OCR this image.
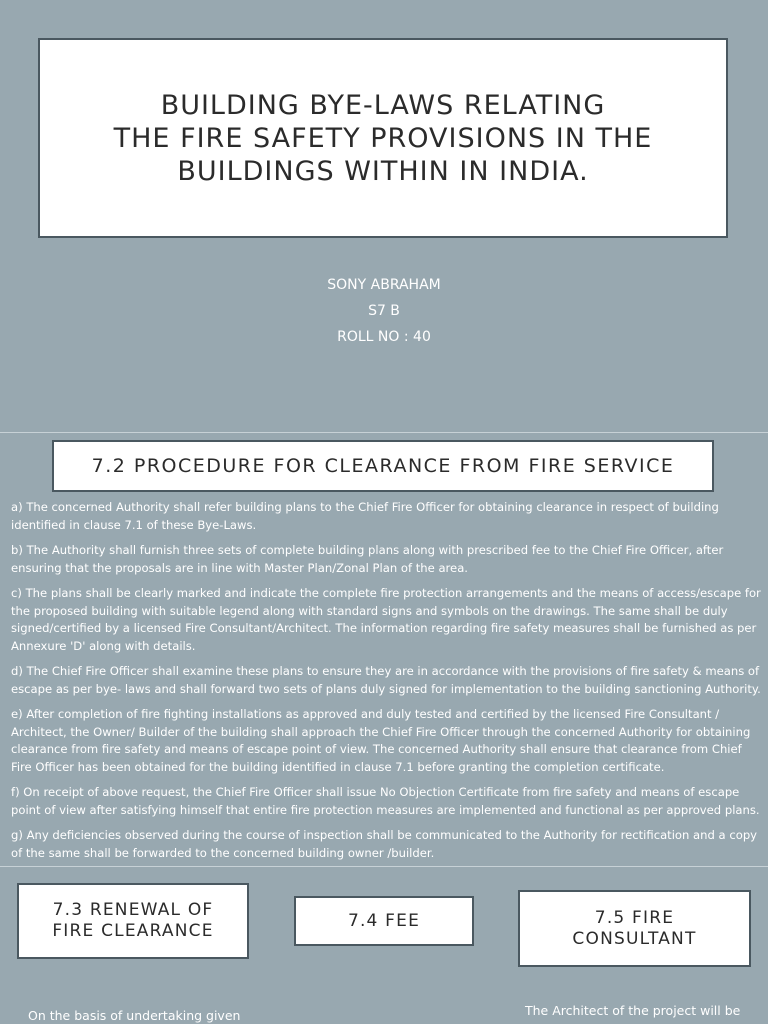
BUILDING BYE-LAWS RELATING
THE FIRE SAFETY PROVISIONS IN THE
BUILDINGS WITHIN IN INDIA.
SONY ABRAHAM
S7 B
ROLL NO : 40
7.2 PROCEDURE FOR CLEARANCE FROM FIRE SERVICE

a) The concerned Authority shall refer building plans to the Chief Fire Officer for obtaining clearance in respect of building identified in clause 7.1 of these Bye-Laws.

b) The Authority shall furnish three sets of complete building plans along with prescribed fee to the Chief Fire Officer, after ensuring that the proposals are in line with Master Plan/Zonal Plan of the area.

c) The plans shall be clearly marked and indicate the complete fire protection arrangements and the means of access/escape for the proposed building with suitable legend along with standard signs and symbols on the drawings. The same shall be duly signed/certified by a licensed Fire Consultant/Architect. The information regarding fire safety measures shall be furnished as per Annexure 'D' along with details.

d) The Chief Fire Officer shall examine these plans to ensure they are in accordance with the provisions of fire safety & means of escape as per bye- laws and shall forward two sets of plans duly signed for implementation to the building sanctioning Authority.

e) After completion of fire fighting installations as approved and duly tested and certified by the licensed Fire Consultant / Architect, the Owner/ Builder of the building shall approach the Chief Fire Officer through the concerned Authority for obtaining clearance from fire safety and means of escape point of view. The concerned Authority shall ensure that clearance from Chief Fire Officer has been obtained for the building identified in clause 7.1 before granting the completion certificate.

f) On receipt of above request, the Chief Fire Officer shall issue No Objection Certificate from fire safety and means of escape point of view after satisfying himself that entire fire protection measures are implemented and functional as per approved plans.

g) Any deficiencies observed during the course of inspection shall be communicated to the Authority for rectification and a copy of the same shall be forwarded to the concerned building owner /builder.

7.3 RENEWAL OF
FIRE CLEARANCE
7.4 FEE	7.5 FIRE
CONSULTANT
On the basis of undertaking given	The Architect of the project will be
